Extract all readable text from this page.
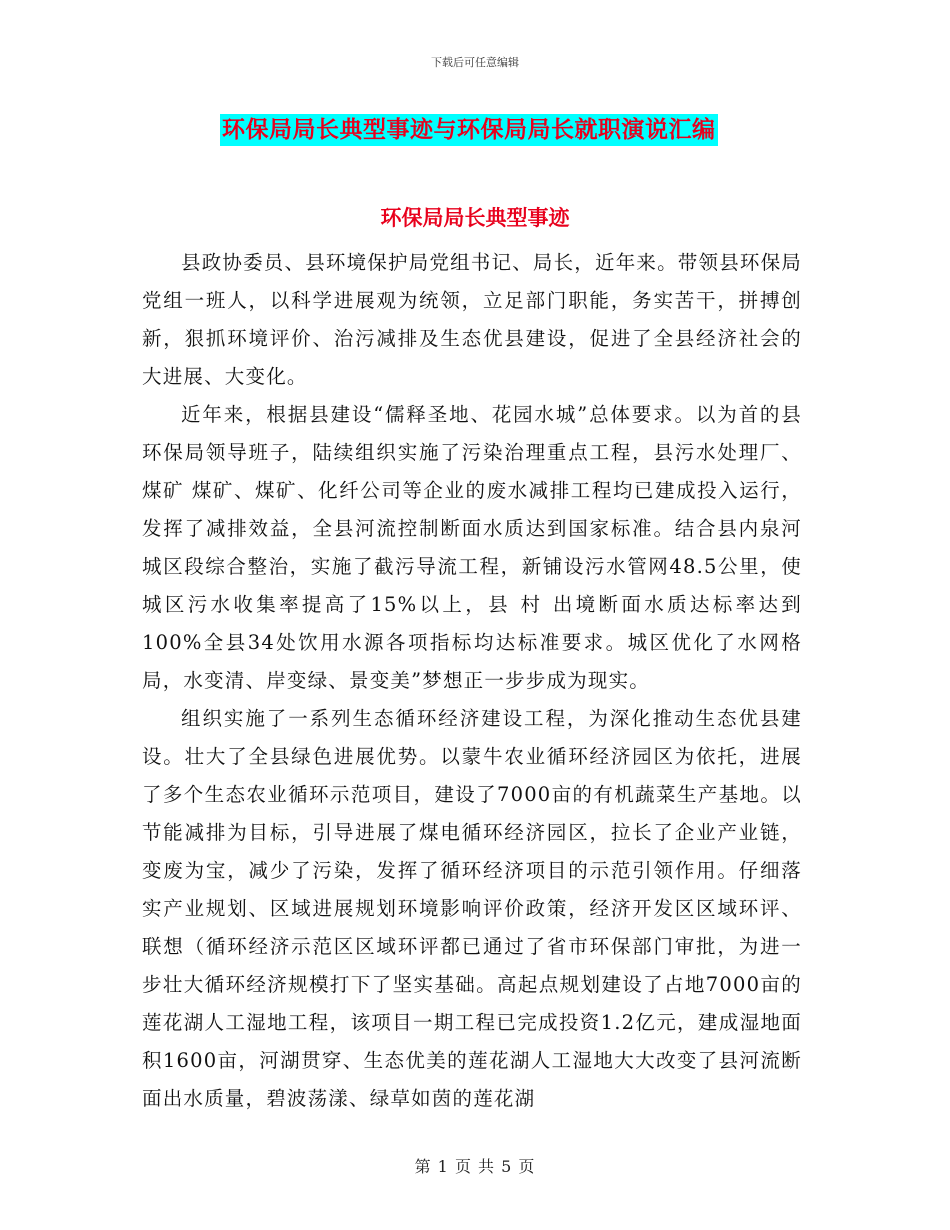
下载后可任意编辑
环保局局长典型事迹与环保局局长就职演说汇编
环保局局长典型事迹

县政协委员、县环境保护局党组书记、局长，近年来。带领县环保局党组一班人，以科学进展观为统领，立足部门职能，务实苦干，拼搏创新，狠抓环境评价、治污减排及生态优县建设，促进了全县经济社会的大进展、大变化。

近年来，根据县建设“儒释圣地、花园水城”总体要求。以为首的县环保局领导班子，陆续组织实施了污染治理重点工程，县污水处理厂、煤矿 煤矿、煤矿、化纤公司等企业的废水减排工程均已建成投入运行，发挥了减排效益，全县河流控制断面水质达到国家标准。结合县内泉河城区段综合整治，实施了截污导流工程，新铺设污水管网48.5公里，使城区污水收集率提高了15%以上，县 村 出境断面水质达标率达到100%全县34处饮用水源各项指标均达标准要求。城区优化了水网格局，水变清、岸变绿、景变美”梦想正一步步成为现实。

组织实施了一系列生态循环经济建设工程，为深化推动生态优县建设。壮大了全县绿色进展优势。以蒙牛农业循环经济园区为依托，进展了多个生态农业循环示范项目，建设了7000亩的有机蔬菜生产基地。以节能减排为目标，引导进展了煤电循环经济园区，拉长了企业产业链，变废为宝，减少了污染，发挥了循环经济项目的示范引领作用。仔细落实产业规划、区域进展规划环境影响评价政策，经济开发区区域环评、联想（循环经济示范区区域环评都已通过了省市环保部门审批，为进一步壮大循环经济规模打下了坚实基础。高起点规划建设了占地7000亩的莲花湖人工湿地工程，该项目一期工程已完成投资1.2亿元，建成湿地面积1600亩，河湖贯穿、生态优美的莲花湖人工湿地大大改变了县河流断面出水质量，碧波荡漾、绿草如茵的莲花湖

第 1 页 共 5 页
